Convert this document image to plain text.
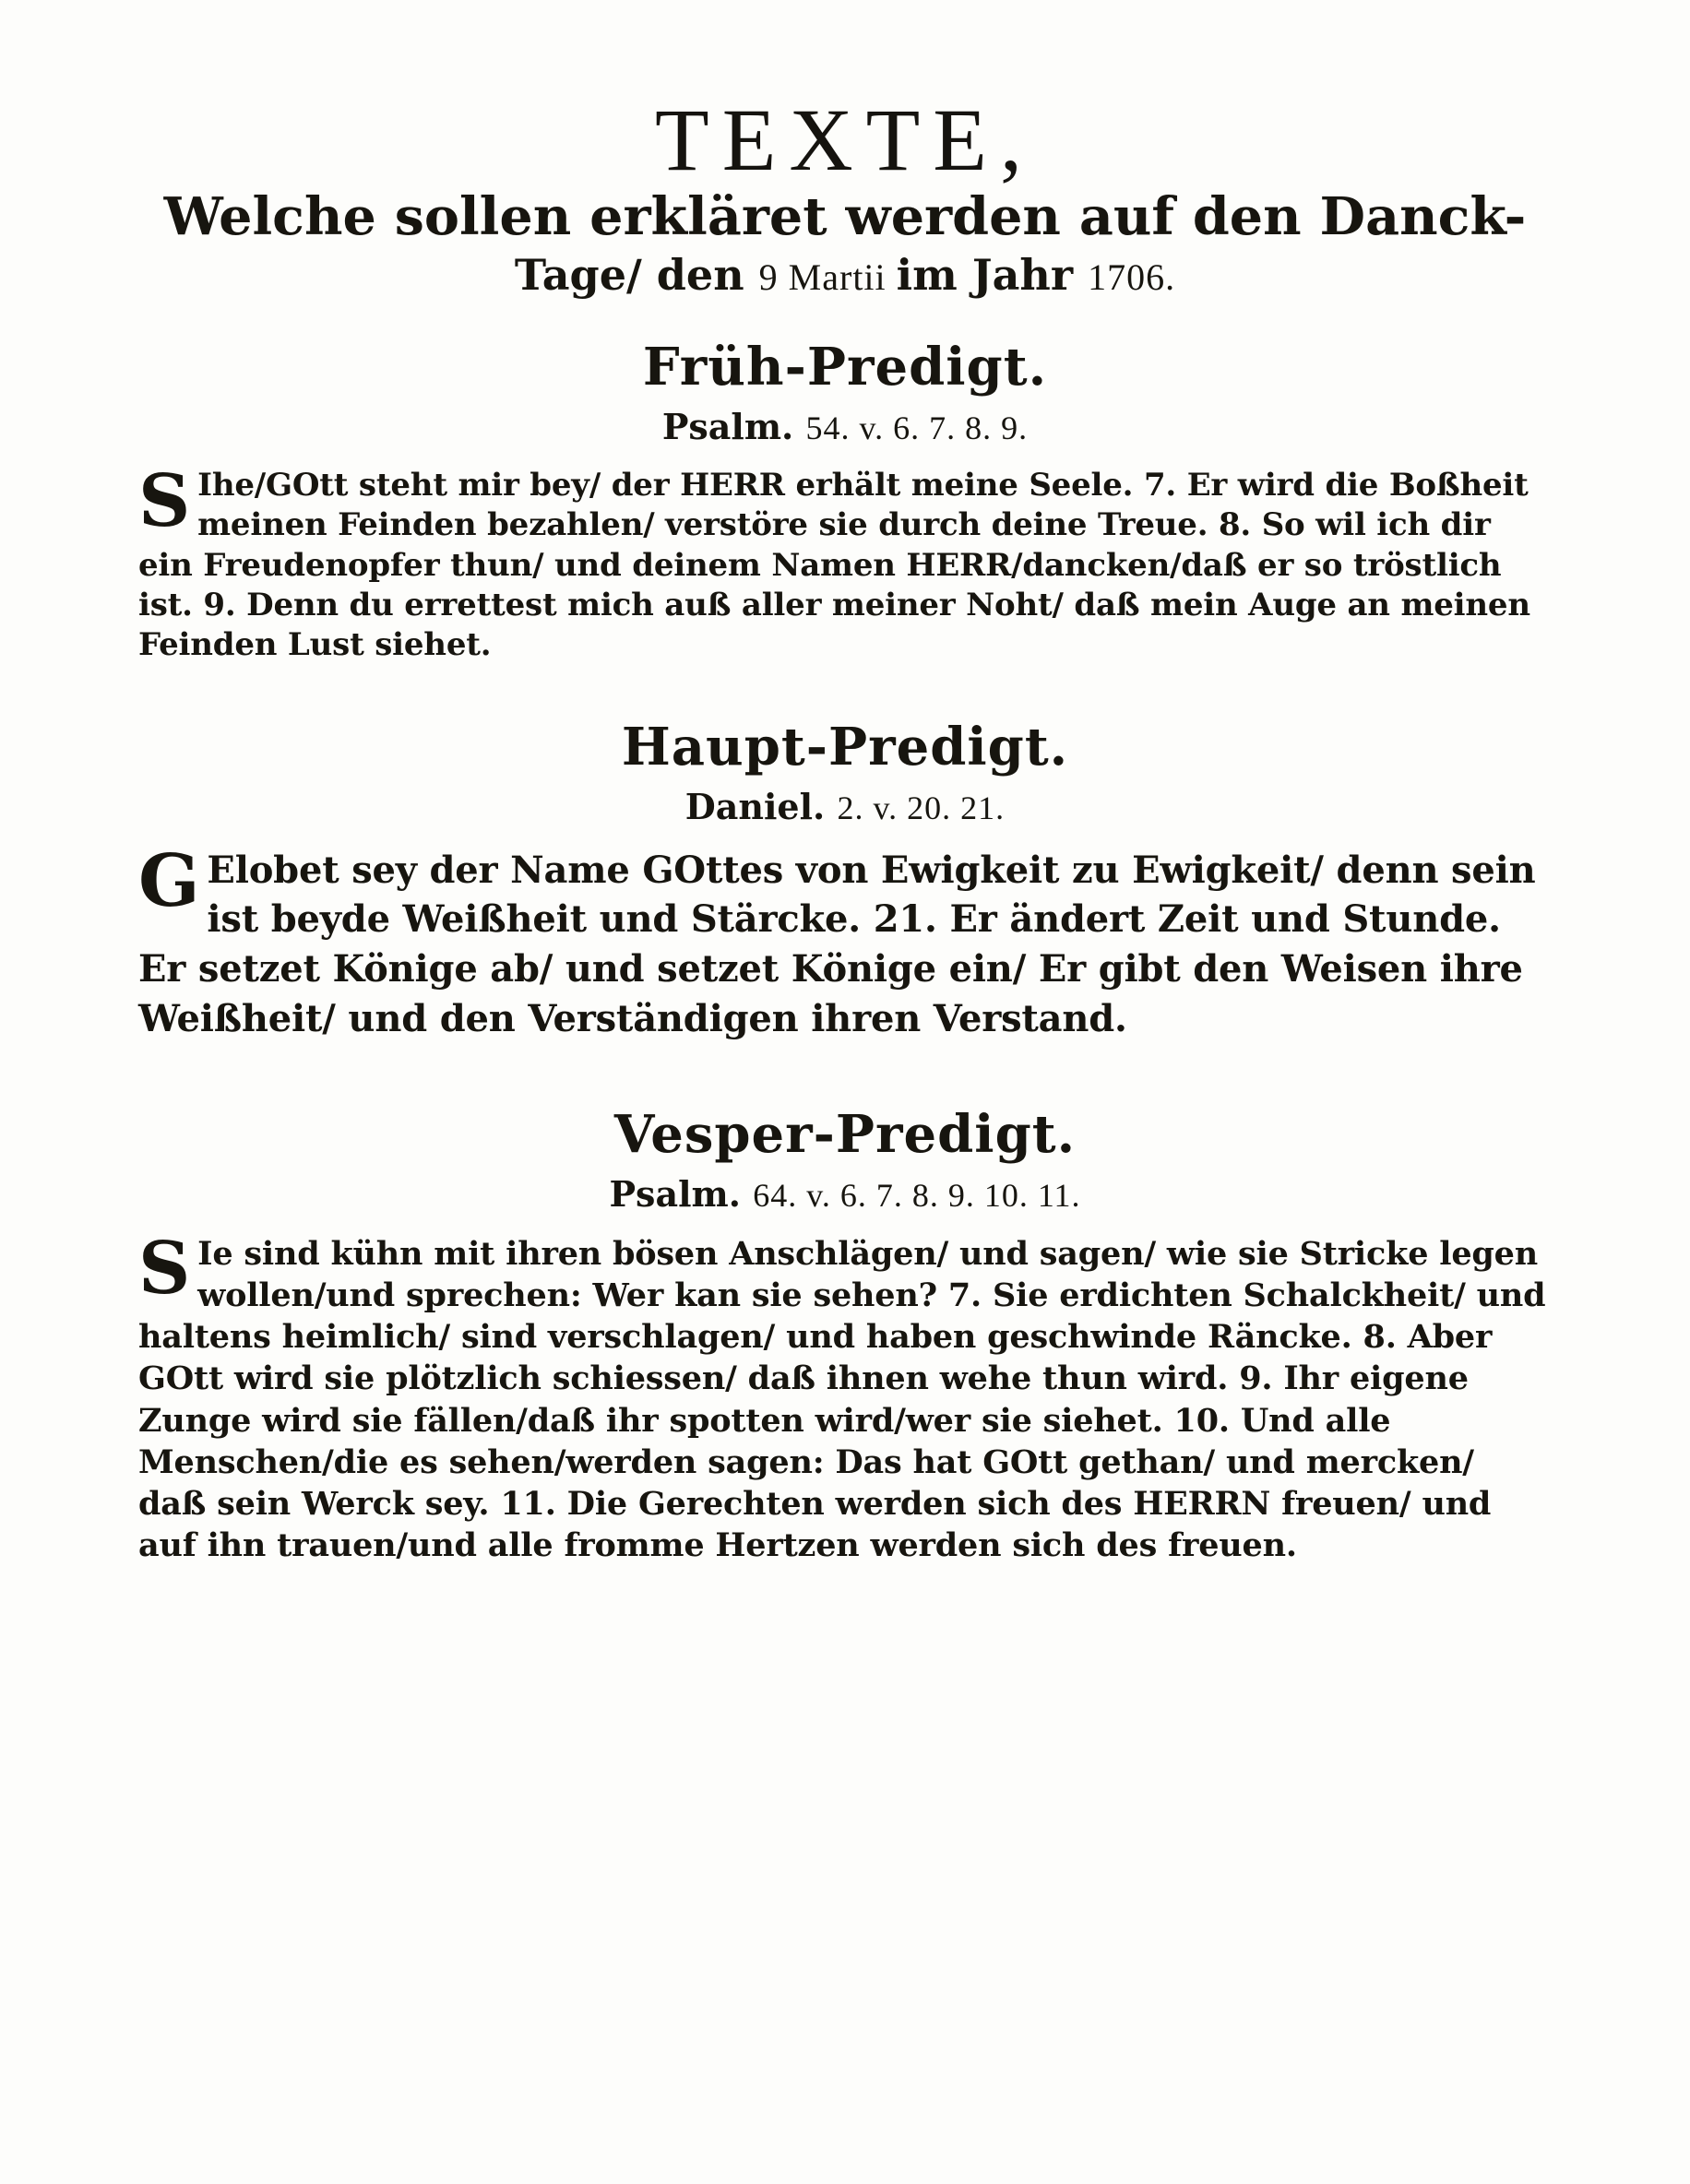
TEXTE,
Welche sollen erkläret werden auf den Danck-
Tage/ den 9 Martii im Jahr 1706.
Früh-Predigt.
Psalm. 54. v. 6. 7. 8. 9.
S Ihe/GOtt steht mir bey/ der HERR erhält meine Seele. 7. Er wird die Boßheit meinen Feinden bezahlen/ verstöre sie durch deine Treue. 8. So wil ich dir ein Freudenopfer thun/ und deinem Namen HERR/dancken/daß er so tröstlich ist. 9. Denn du errettest mich auß aller meiner Noht/ daß mein Auge an meinen Feinden Lust siehet.
Haupt-Predigt.
Daniel. 2. v. 20. 21.
G Elobet sey der Name GOttes von Ewigkeit zu Ewigkeit/ denn sein ist beyde Weißheit und Stärcke. 21. Er ändert Zeit und Stunde. Er setzet Könige ab/ und setzet Könige ein/ Er gibt den Weisen ihre Weißheit/ und den Verständigen ihren Verstand.
Vesper-Predigt.
Psalm. 64. v. 6. 7. 8. 9. 10. 11.
S Ie sind kühn mit ihren bösen Anschlägen/ und sagen/ wie sie Stricke legen wollen/und sprechen: Wer kan sie sehen? 7. Sie erdichten Schalckheit/ und haltens heimlich/ sind verschlagen/ und haben geschwinde Räncke. 8. Aber GOtt wird sie plötzlich schiessen/ daß ihnen wehe thun wird. 9. Ihr eigene Zunge wird sie fällen/daß ihr spotten wird/wer sie siehet. 10. Und alle Menschen/die es sehen/werden sagen: Das hat GOtt gethan/ und mercken/ daß sein Werck sey. 11. Die Gerechten werden sich des HERRN freuen/ und auf ihn trauen/und alle fromme Hertzen werden sich des freuen.
